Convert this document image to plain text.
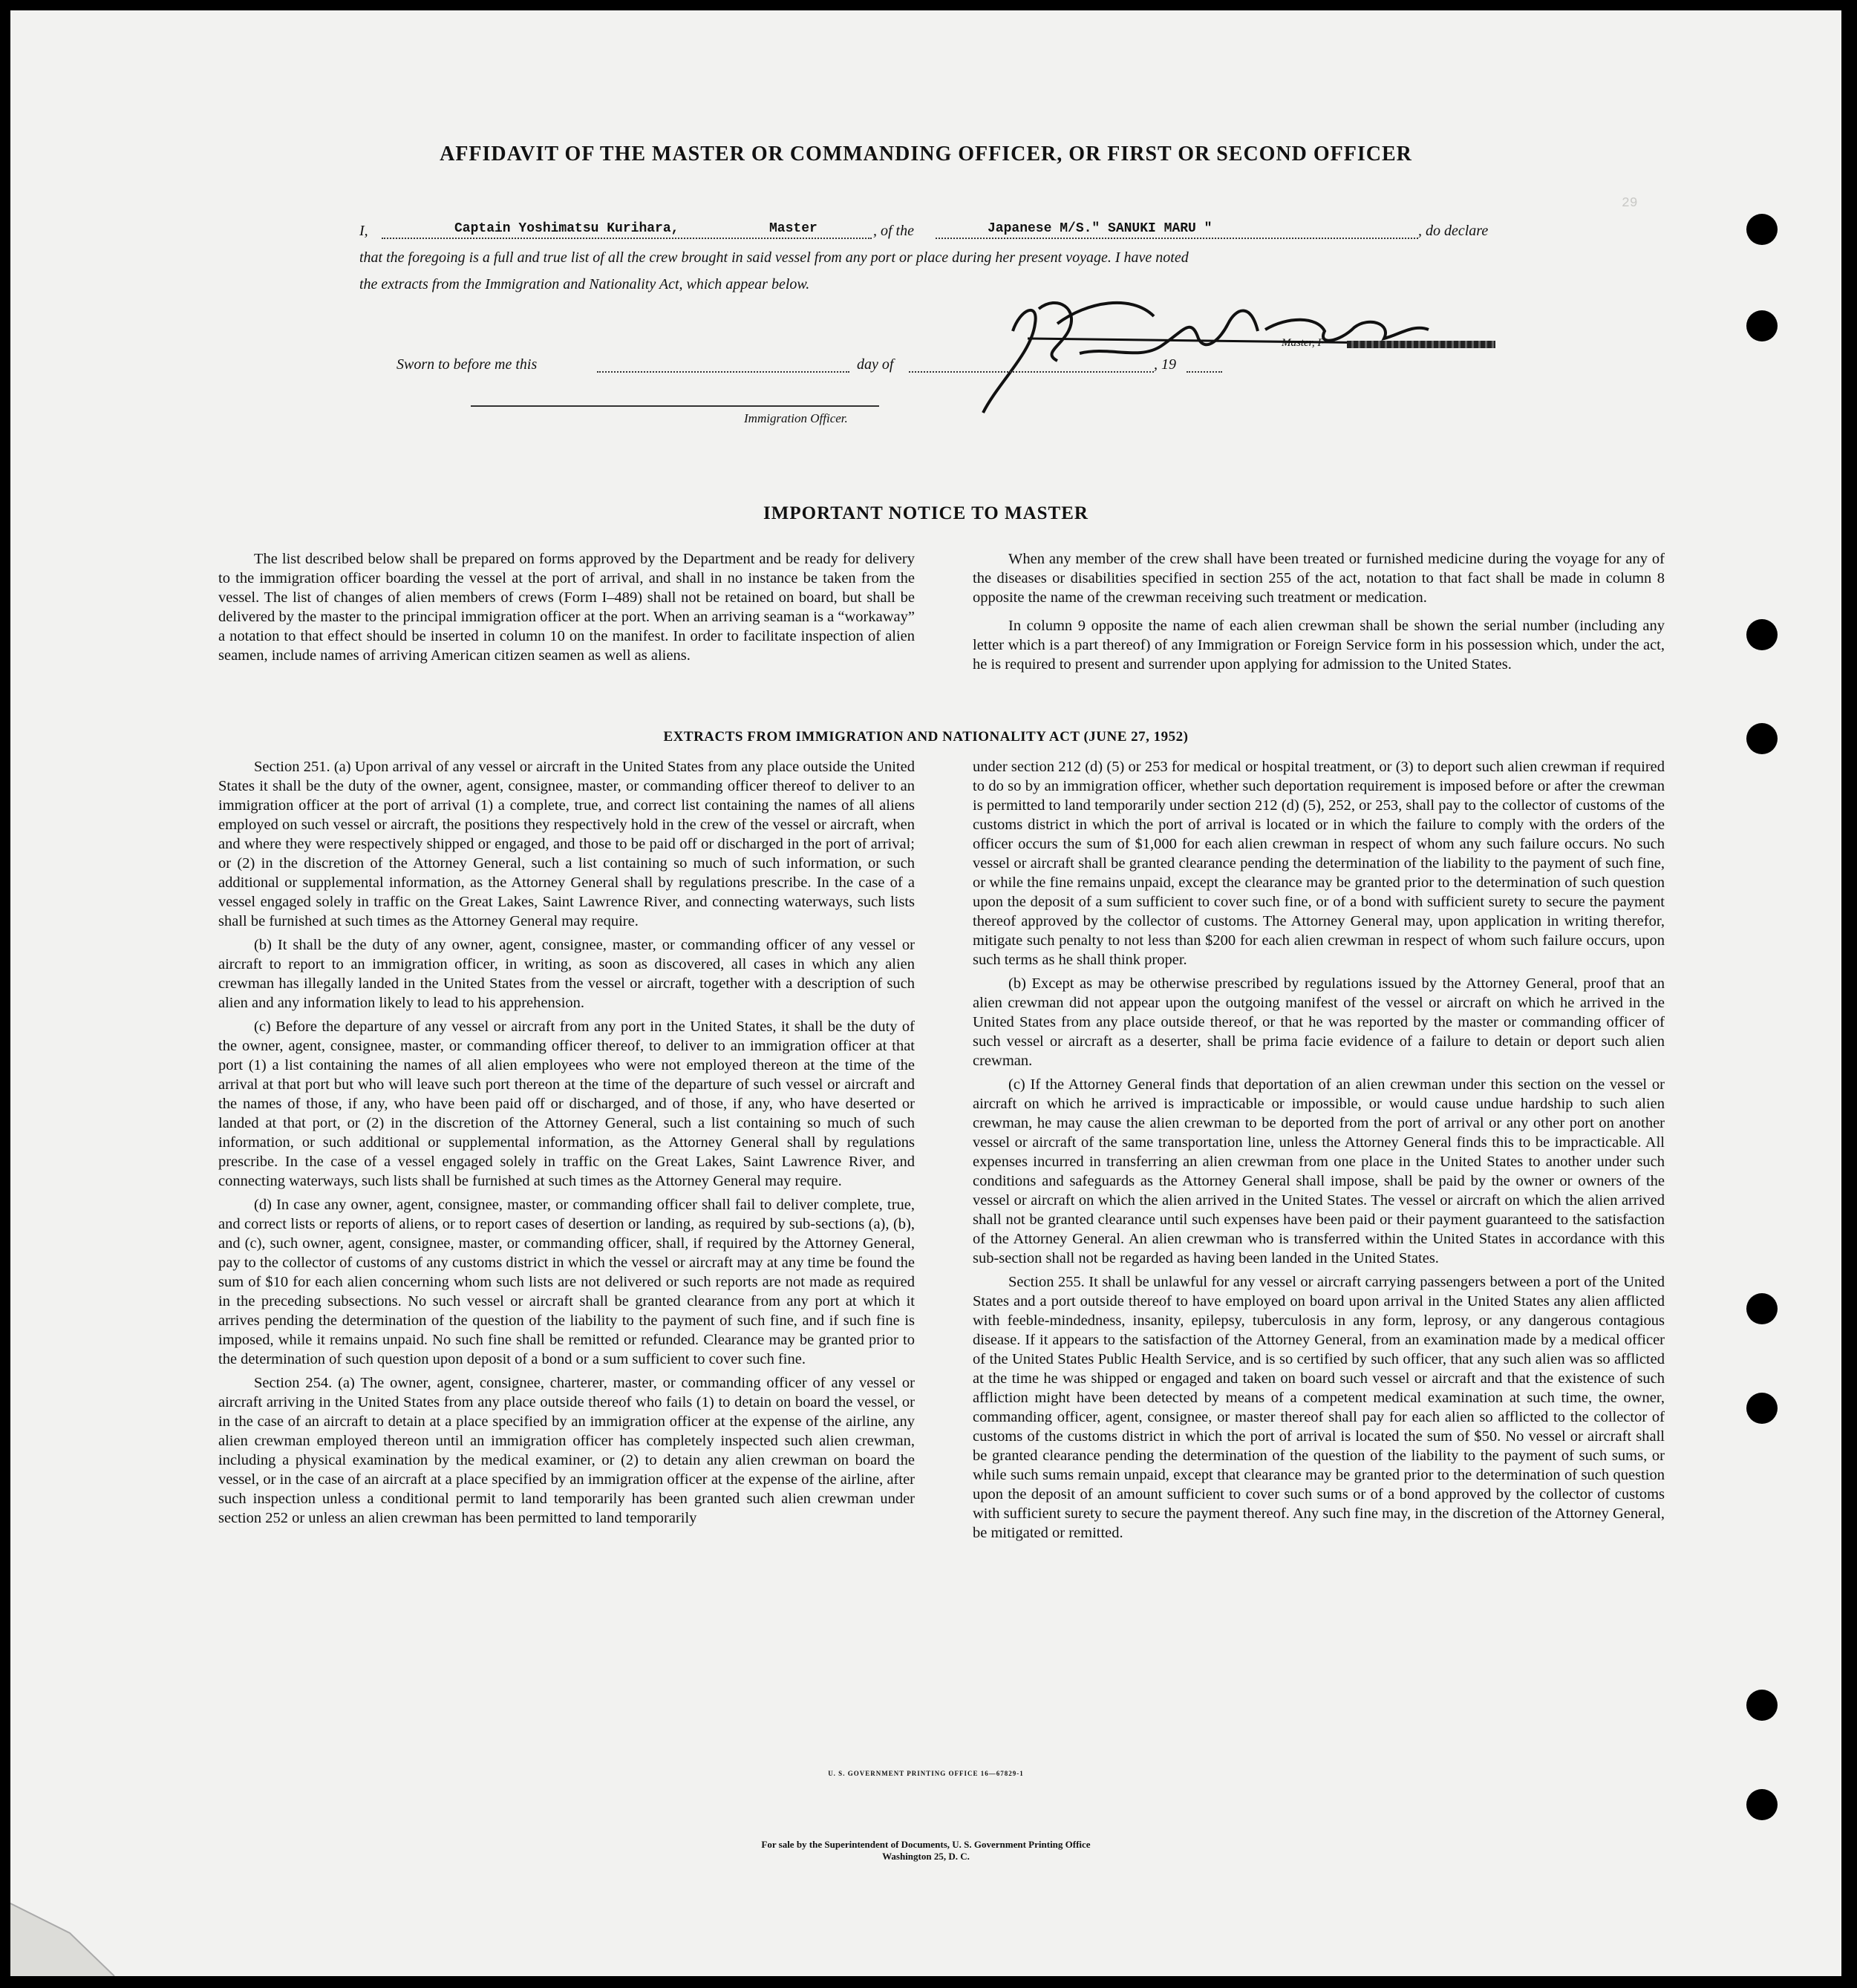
AFFIDAVIT OF THE MASTER OR COMMANDING OFFICER, OR FIRST OR SECOND OFFICER
I,	Captain Yoshimatsu Kurihara,	Master	, of the	Japanese M/S." SANUKI MARU "	, do declare
that the foregoing is a full and true list of all the crew brought in said vessel from any port or place during her present voyage. I have noted
the extracts from the Immigration and Nationality Act, which appear below.
Master, F
Sworn to before me this	day of	, 19
Immigration Officer.
29
IMPORTANT NOTICE TO MASTER

The list described below shall be prepared on forms approved by the Department and be ready for delivery to the immigration officer boarding the vessel at the port of arrival, and shall in no instance be taken from the vessel. The list of changes of alien members of crews (Form I–489) shall not be retained on board, but shall be delivered by the master to the principal immigration officer at the port. When an arriving seaman is a “workaway” a notation to that effect should be inserted in column 10 on the manifest. In order to facilitate inspection of alien seamen, include names of arriving American citizen seamen as well as aliens.

When any member of the crew shall have been treated or furnished medicine during the voyage for any of the diseases or disabilities specified in section 255 of the act, notation to that fact shall be made in column 8 opposite the name of the crewman receiving such treatment or medication.

In column 9 opposite the name of each alien crewman shall be shown the serial number (including any letter which is a part thereof) of any Immigration or Foreign Service form in his possession which, under the act, he is required to present and surrender upon applying for admission to the United States.

EXTRACTS FROM IMMIGRATION AND NATIONALITY ACT (JUNE 27, 1952)

Section 251. (a) Upon arrival of any vessel or aircraft in the United States from any place outside the United States it shall be the duty of the owner, agent, consignee, master, or commanding officer thereof to deliver to an immigration officer at the port of arrival (1) a complete, true, and correct list containing the names of all aliens employed on such vessel or aircraft, the positions they respectively hold in the crew of the vessel or aircraft, when and where they were respectively shipped or engaged, and those to be paid off or discharged in the port of arrival; or (2) in the discretion of the Attorney General, such a list containing so much of such information, or such additional or supplemental information, as the Attorney General shall by regulations prescribe. In the case of a vessel engaged solely in traffic on the Great Lakes, Saint Lawrence River, and connecting waterways, such lists shall be furnished at such times as the Attorney General may require.

(b) It shall be the duty of any owner, agent, consignee, master, or commanding officer of any vessel or aircraft to report to an immigration officer, in writing, as soon as discovered, all cases in which any alien crewman has illegally landed in the United States from the vessel or aircraft, together with a description of such alien and any information likely to lead to his apprehension.

(c) Before the departure of any vessel or aircraft from any port in the United States, it shall be the duty of the owner, agent, consignee, master, or commanding officer thereof, to deliver to an immigration officer at that port (1) a list containing the names of all alien employees who were not employed thereon at the time of the arrival at that port but who will leave such port thereon at the time of the departure of such vessel or aircraft and the names of those, if any, who have been paid off or discharged, and of those, if any, who have deserted or landed at that port, or (2) in the discretion of the Attorney General, such a list containing so much of such information, or such additional or supplemental information, as the Attorney General shall by regulations prescribe. In the case of a vessel engaged solely in traffic on the Great Lakes, Saint Lawrence River, and connecting waterways, such lists shall be furnished at such times as the Attorney General may require.

(d) In case any owner, agent, consignee, master, or commanding officer shall fail to deliver complete, true, and correct lists or reports of aliens, or to report cases of desertion or landing, as required by sub-sections (a), (b), and (c), such owner, agent, consignee, master, or commanding officer, shall, if required by the Attorney General, pay to the collector of customs of any customs district in which the vessel or aircraft may at any time be found the sum of $10 for each alien concerning whom such lists are not delivered or such reports are not made as required in the preceding subsections. No such vessel or aircraft shall be granted clearance from any port at which it arrives pending the determination of the question of the liability to the payment of such fine, and if such fine is imposed, while it remains unpaid. No such fine shall be remitted or refunded. Clearance may be granted prior to the determination of such question upon deposit of a bond or a sum sufficient to cover such fine.

Section 254. (a) The owner, agent, consignee, charterer, master, or commanding officer of any vessel or aircraft arriving in the United States from any place outside thereof who fails (1) to detain on board the vessel, or in the case of an aircraft to detain at a place specified by an immigration officer at the expense of the airline, any alien crewman employed thereon until an immigration officer has completely inspected such alien crewman, including a physical examination by the medical examiner, or (2) to detain any alien crewman on board the vessel, or in the case of an aircraft at a place specified by an immigration officer at the expense of the airline, after such inspection unless a conditional permit to land temporarily has been granted such alien crewman under section 252 or unless an alien crewman has been permitted to land temporarily

under section 212 (d) (5) or 253 for medical or hospital treatment, or (3) to deport such alien crewman if required to do so by an immigration officer, whether such deportation requirement is imposed before or after the crewman is permitted to land temporarily under section 212 (d) (5), 252, or 253, shall pay to the collector of customs of the customs district in which the port of arrival is located or in which the failure to comply with the orders of the officer occurs the sum of $1,000 for each alien crewman in respect of whom any such failure occurs. No such vessel or aircraft shall be granted clearance pending the determination of the liability to the payment of such fine, or while the fine remains unpaid, except the clearance may be granted prior to the determination of such question upon the deposit of a sum sufficient to cover such fine, or of a bond with sufficient surety to secure the payment thereof approved by the collector of customs. The Attorney General may, upon application in writing therefor, mitigate such penalty to not less than $200 for each alien crewman in respect of whom such failure occurs, upon such terms as he shall think proper.

(b) Except as may be otherwise prescribed by regulations issued by the Attorney General, proof that an alien crewman did not appear upon the outgoing manifest of the vessel or aircraft on which he arrived in the United States from any place outside thereof, or that he was reported by the master or commanding officer of such vessel or aircraft as a deserter, shall be prima facie evidence of a failure to detain or deport such alien crewman.

(c) If the Attorney General finds that deportation of an alien crewman under this section on the vessel or aircraft on which he arrived is impracticable or impossible, or would cause undue hardship to such alien crewman, he may cause the alien crewman to be deported from the port of arrival or any other port on another vessel or aircraft of the same transportation line, unless the Attorney General finds this to be impracticable. All expenses incurred in transferring an alien crewman from one place in the United States to another under such conditions and safeguards as the Attorney General shall impose, shall be paid by the owner or owners of the vessel or aircraft on which the alien arrived in the United States. The vessel or aircraft on which the alien arrived shall not be granted clearance until such expenses have been paid or their payment guaranteed to the satisfaction of the Attorney General. An alien crewman who is transferred within the United States in accordance with this sub-section shall not be regarded as having been landed in the United States.

Section 255. It shall be unlawful for any vessel or aircraft carrying passengers between a port of the United States and a port outside thereof to have employed on board upon arrival in the United States any alien afflicted with feeble-mindedness, insanity, epilepsy, tuberculosis in any form, leprosy, or any dangerous contagious disease. If it appears to the satisfaction of the Attorney General, from an examination made by a medical officer of the United States Public Health Service, and is so certified by such officer, that any such alien was so afflicted at the time he was shipped or engaged and taken on board such vessel or aircraft and that the existence of such affliction might have been detected by means of a competent medical examination at such time, the owner, commanding officer, agent, consignee, or master thereof shall pay for each alien so afflicted to the collector of customs of the customs district in which the port of arrival is located the sum of $50. No vessel or aircraft shall be granted clearance pending the determination of the question of the liability to the payment of such sums, or while such sums remain unpaid, except that clearance may be granted prior to the determination of such question upon the deposit of an amount sufficient to cover such sums or of a bond approved by the collector of customs with sufficient surety to secure the payment thereof. Any such fine may, in the discretion of the Attorney General, be mitigated or remitted.

U. S. GOVERNMENT PRINTING OFFICE 16—67829-1
For sale by the Superintendent of Documents, U. S. Government Printing Office
Washington 25, D. C.
